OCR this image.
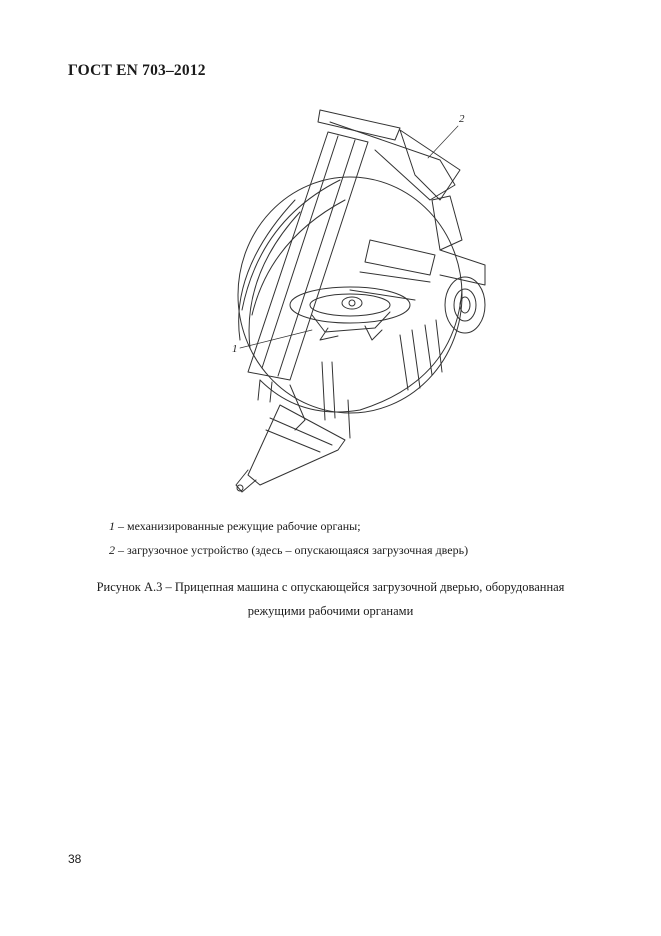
ГОСТ EN 703–2012
1
2
1 – механизированные режущие рабочие органы;
2 – загрузочное устройство (здесь – опускающаяся загрузочная дверь)
Рисунок А.3 – Прицепная машина с опускающейся загрузочной дверью, оборудованная
режущими рабочими органами
38
